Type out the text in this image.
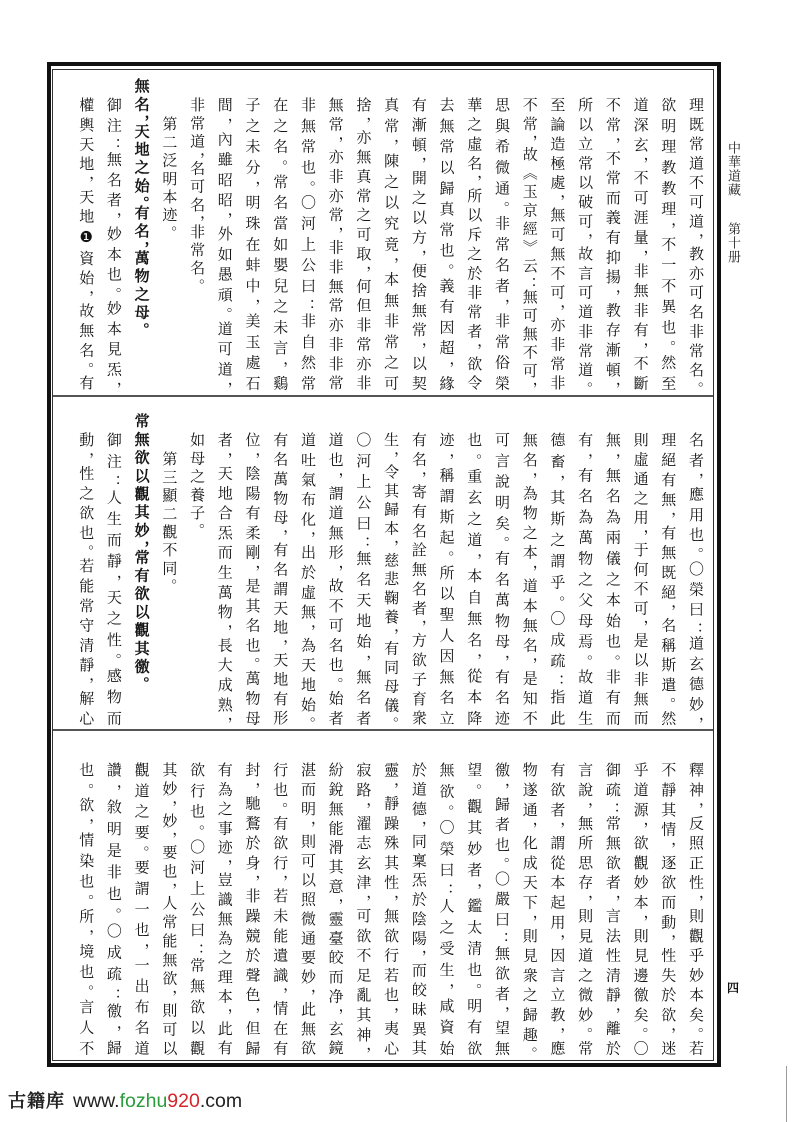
理既常道不可道，教亦可名非常名。
欲明理教教理，不一不異也。然至
道深玄，不可涯量，非無非有，不斷
不常，不常而義有抑揚，教存漸頓，
所以立常以破可，故言可道非常道。
至論造極處，無可無不可，亦非常非
不常，故《玉京經》云：無可無不可，
思與希微通。非常名者，非常俗榮
華之虛名，所以斥之於非常者，欲令
去無常以歸真常也。義有因超，緣
有漸頓，開之以方，便捨無常，以契
真常，陳之以究竟，本無非常之可
捨，亦無真常之可取，何但非常亦非
無常，亦非亦常，非非無常亦非非常
非無常也。〇河上公曰：非自然常
在之名。常名當如嬰兒之未言，鷄
子之未分，明珠在蚌中，美玉處石
間，內雖昭昭，外如愚頑。道可道，
非常道，名可名，非常名。
第二泛明本迹。
無名，天地之始。有名，萬物之母。
御注：無名者，妙本也。妙本見炁，
權輿天地，天地❶資始，故無名。有
名者，應用也。〇榮曰：道玄德妙，
理絕有無，有無既絕，名稱斯遣。然
則虛通之用，于何不可，是以非無而
無，無名為兩儀之本始也。非有而
有，有名為萬物之父母焉。故道生
德畜，其斯之謂乎。〇成疏：指此
無名，為物之本，道本無名，是知不
可言說明矣。有名萬物母，有名迹
也。重玄之道，本自無名，從本降
迹，稱謂斯起。所以聖人因無名立
有名，寄有名詮無名者，方欲子育衆
生，令其歸本，慈悲鞠養，有同母儀。
〇河上公曰：無名天地始，無名者
道也，謂道無形，故不可名也。始者
道吐氣布化，出於虛無，為天地始。
有名萬物母，有名謂天地，天地有形
位，陰陽有柔剛，是其名也。萬物母
者，天地合炁而生萬物，長大成熟，
如母之養子。
第三顯二觀不同。
常無欲以觀其妙，常有欲以觀其徼。
御注：人生而靜，天之性。感物而
動，性之欲也。若能常守清靜，解心
釋神，反照正性，則觀乎妙本矣。若
不靜其情，逐欲而動，性失於欲，迷
乎道源，欲觀妙本，則見邊徼矣。〇
御疏：常無欲者，言法性清靜，離於
言說，無所思存，則見道之微妙。常
有欲者，謂從本起用，因言立教，應
物遂通，化成天下，則見衆之歸趣。
徼，歸者也。〇嚴曰：無欲者，望無
望。觀其妙者，鑑太清也。明有欲
無欲。〇榮曰：人之受生，咸資始
於道德，同稟炁於陰陽，而皎昧異其
靈，靜躁殊其性，無欲行若也，夷心
寂路，濯志玄津，可欲不足亂其神，
紛銳無能滑其意，靈臺皎而净，玄鏡
湛而明，則可以照微通要妙，此無欲
行也。有欲行，若未能遺識，情在有
封，馳鶩於身，非躁競於聲色，但歸
有為之事迹，豈識無為之理本，此有
欲行也。〇河上公曰：常無欲以觀
其妙，妙，要也，人常能無欲，則可以
觀道之要。要謂一也，一出布名道
讚，敘明是非也。〇成疏：徼，歸
也。欲，情染也。所，境也。言人不
中華道藏
第十册
四
古籍库 www.fozhu920.com
